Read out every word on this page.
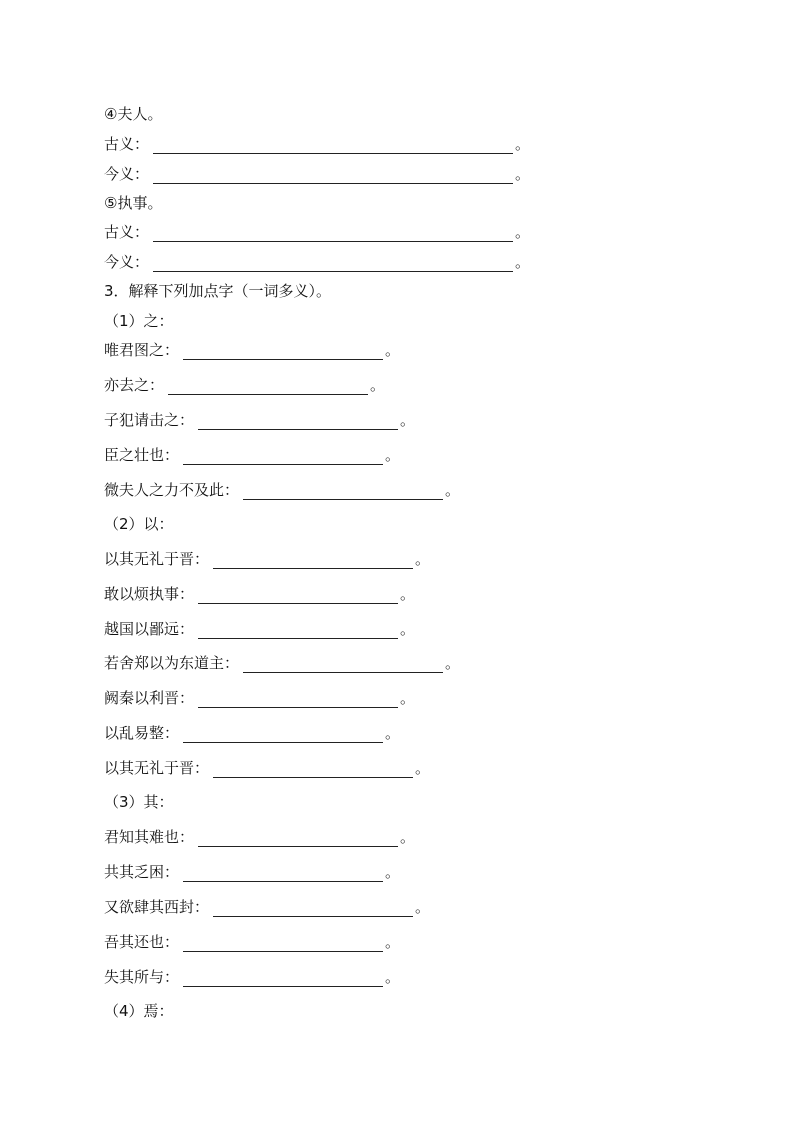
④夫人。
古义：	。
今义：	。
⑤执事。
古义：	。
今义：	。
3．解释下列加点字（一词多义）。
（1）之：
唯君图之：	。
亦去之：	。
子犯请击之：	。
臣之壮也：	。
微夫人之力不及此：	。
（2）以：
以其无礼于晋：	。
敢以烦执事：	。
越国以鄙远：	。
若舍郑以为东道主：	。
阙秦以利晋：	。
以乱易整：	。
以其无礼于晋：	。
（3）其：
君知其难也：	。
共其乏困：	。
又欲肆其西封：	。
吾其还也：	。
失其所与：	。
（4）焉：
